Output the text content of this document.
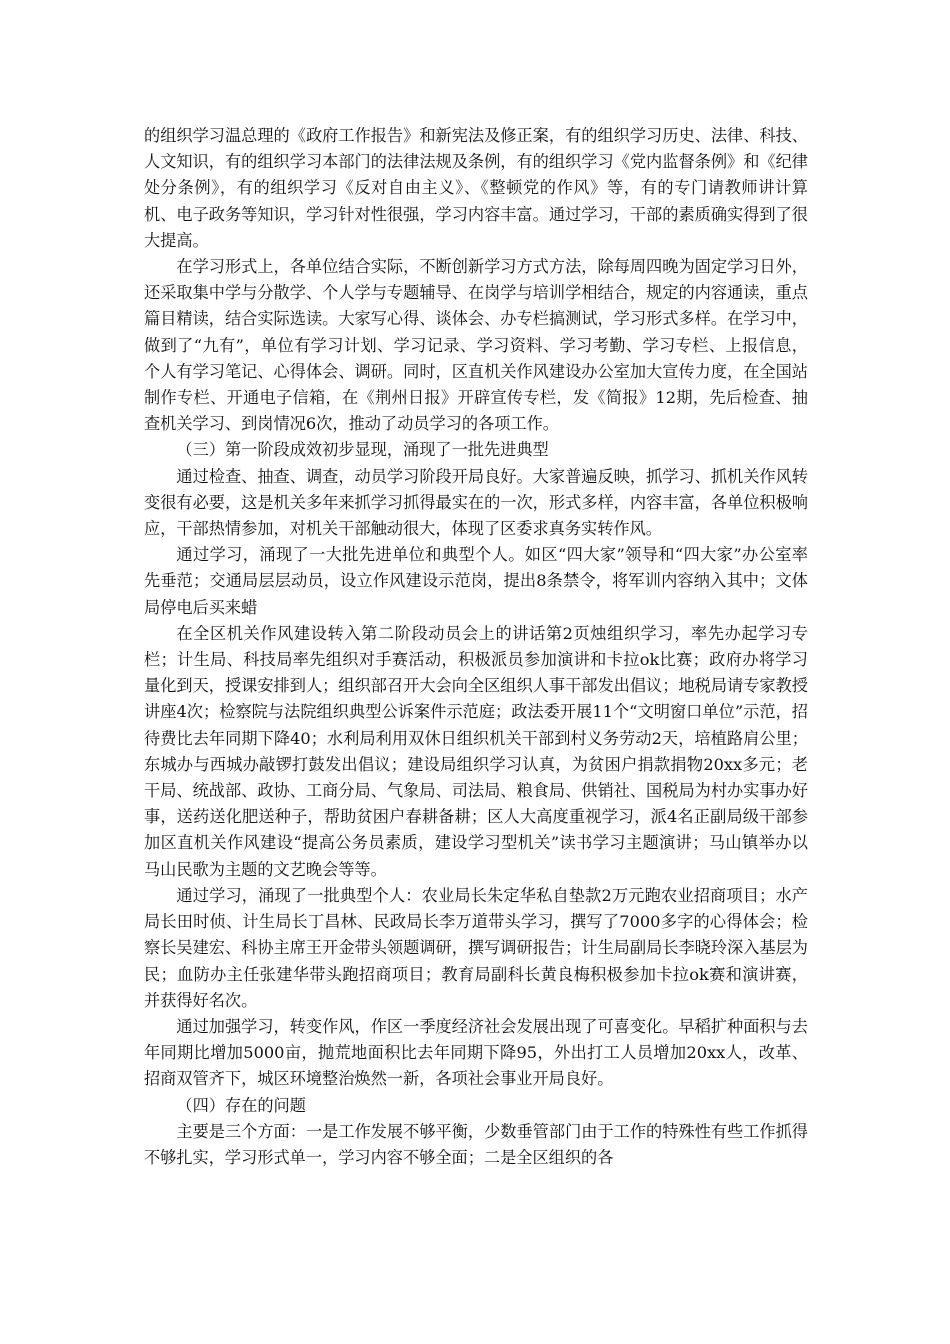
的组织学习温总理的《政府工作报告》和新宪法及修正案，有的组织学习历史、法律、科技、人文知识，有的组织学习本部门的法律法规及条例，有的组织学习《党内监督条例》和《纪律处分条例》，有的组织学习《反对自由主义》、《整顿党的作风》等，有的专门请教师讲计算机、电子政务等知识，学习针对性很强，学习内容丰富。通过学习，干部的素质确实得到了很大提高。

在学习形式上，各单位结合实际，不断创新学习方式方法，除每周四晚为固定学习日外，还采取集中学与分散学、个人学与专题辅导、在岗学与培训学相结合，规定的内容通读，重点篇目精读，结合实际选读。大家写心得、谈体会、办专栏搞测试，学习形式多样。在学习中，做到了“九有”，单位有学习计划、学习记录、学习资料、学习考勤、学习专栏、上报信息，个人有学习笔记、心得体会、调研。同时，区直机关作风建设办公室加大宣传力度，在全国站制作专栏、开通电子信箱，在《荆州日报》开辟宣传专栏，发《简报》12期，先后检查、抽查机关学习、到岗情况6次，推动了动员学习的各项工作。

（三）第一阶段成效初步显现，涌现了一批先进典型

通过检查、抽查、调查，动员学习阶段开局良好。大家普遍反映，抓学习、抓机关作风转变很有必要，这是机关多年来抓学习抓得最实在的一次，形式多样，内容丰富，各单位积极响应，干部热情参加，对机关干部触动很大，体现了区委求真务实转作风。

通过学习，涌现了一大批先进单位和典型个人。如区“四大家”领导和“四大家”办公室率先垂范；交通局层层动员，设立作风建设示范岗，提出8条禁令，将军训内容纳入其中；文体局停电后买来蜡

在全区机关作风建设转入第二阶段动员会上的讲话第2页烛组织学习，率先办起学习专栏；计生局、科技局率先组织对手赛活动，积极派员参加演讲和卡拉ok比赛；政府办将学习量化到天，授课安排到人；组织部召开大会向全区组织人事干部发出倡议；地税局请专家教授讲座4次；检察院与法院组织典型公诉案件示范庭；政法委开展11个“文明窗口单位”示范，招待费比去年同期下降40；水利局利用双休日组织机关干部到村义务劳动2天，培植路肩公里；东城办与西城办敲锣打鼓发出倡议；建设局组织学习认真，为贫困户捐款捐物20xx多元；老干局、统战部、政协、工商分局、气象局、司法局、粮食局、供销社、国税局为村办实事办好事，送药送化肥送种子，帮助贫困户春耕备耕；区人大高度重视学习，派4名正副局级干部参加区直机关作风建设“提高公务员素质，建设学习型机关”读书学习主题演讲；马山镇举办以马山民歌为主题的文艺晚会等等。

通过学习，涌现了一批典型个人：农业局长朱定华私自垫款2万元跑农业招商项目；水产局长田时侦、计生局长丁昌林、民政局长李万道带头学习，撰写了7000多字的心得体会；检察长吴建宏、科协主席王开金带头领题调研，撰写调研报告；计生局副局长李晓玲深入基层为民；血防办主任张建华带头跑招商项目；教育局副科长黄良梅积极参加卡拉ok赛和演讲赛，并获得好名次。

通过加强学习，转变作风，作区一季度经济社会发展出现了可喜变化。早稻扩种面积与去年同期比增加5000亩，抛荒地面积比去年同期下降95，外出打工人员增加20xx人，改革、招商双管齐下，城区环境整治焕然一新，各项社会事业开局良好。

（四）存在的问题

主要是三个方面：一是工作发展不够平衡，少数垂管部门由于工作的特殊性有些工作抓得不够扎实，学习形式单一，学习内容不够全面；二是全区组织的各
